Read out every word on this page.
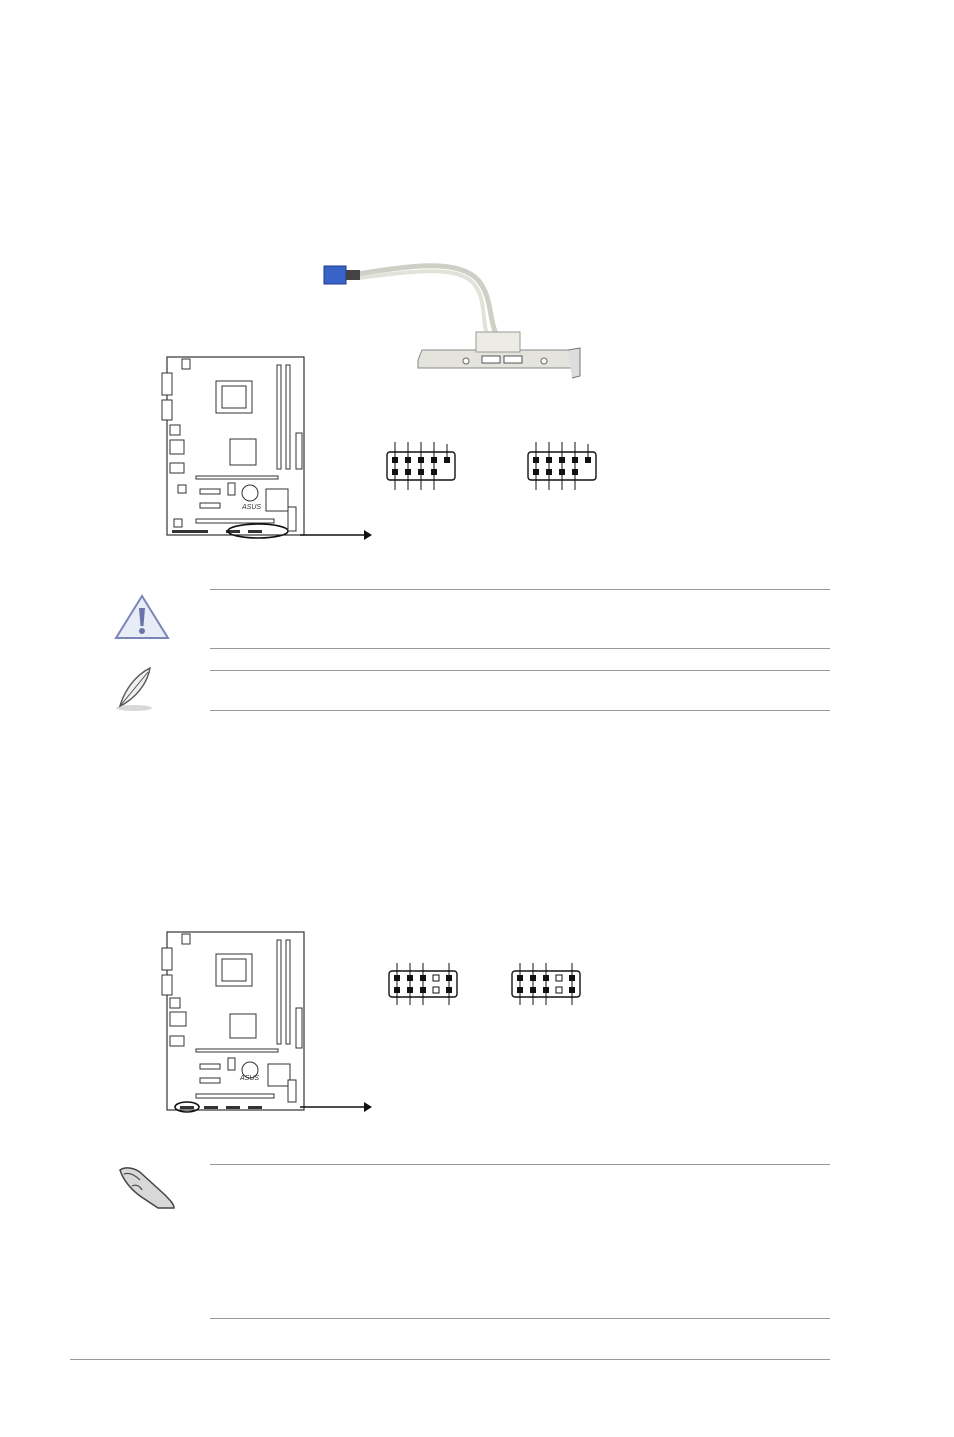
ASUS
ASUS
